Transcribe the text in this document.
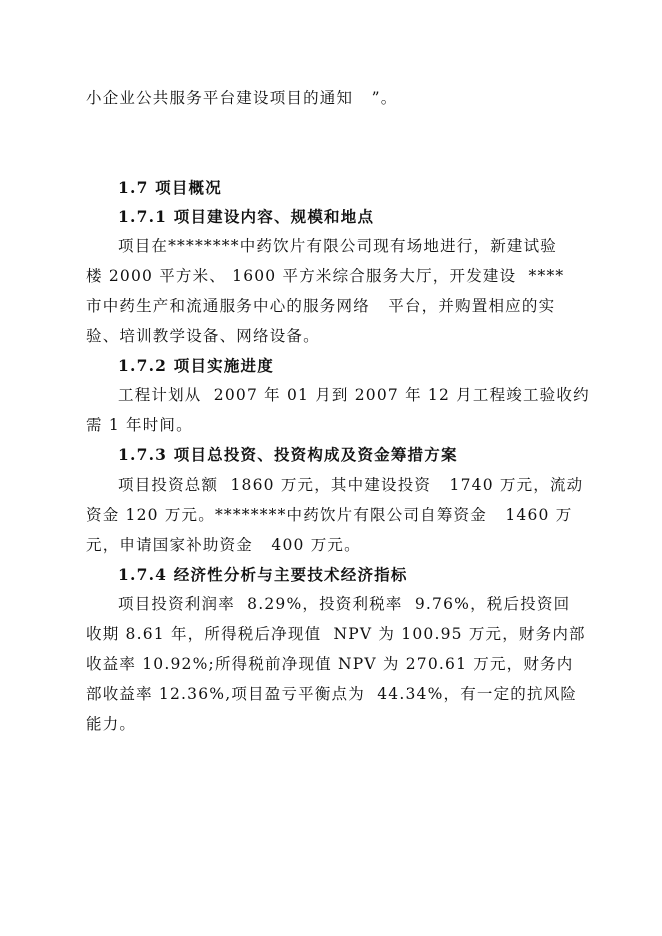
小企业公共服务平台建设项目的通知   ”。
1.7 项目概况
1.7.1 项目建设内容、规模和地点
项目在********中药饮片有限公司现有场地进行，新建试验
楼 2000 平方米、 1600 平方米综合服务大厅，开发建设  ****
市中药生产和流通服务中心的服务网络   平台，并购置相应的实
验、培训教学设备、网络设备。
1.7.2 项目实施进度
工程计划从  2007 年 01 月到 2007 年 12 月工程竣工验收约
需 1 年时间。
1.7.3 项目总投资、投资构成及资金筹措方案
项目投资总额  1860 万元，其中建设投资   1740 万元，流动
资金 120 万元。********中药饮片有限公司自筹资金   1460 万
元，申请国家补助资金   400 万元。
1.7.4 经济性分析与主要技术经济指标
项目投资利润率  8.29%，投资利税率  9.76%，税后投资回
收期 8.61 年，所得税后净现值  NPV 为 100.95 万元，财务内部
收益率 10.92%;所得税前净现值 NPV 为 270.61 万元，财务内
部收益率 12.36%,项目盈亏平衡点为  44.34%，有一定的抗风险
能力。
